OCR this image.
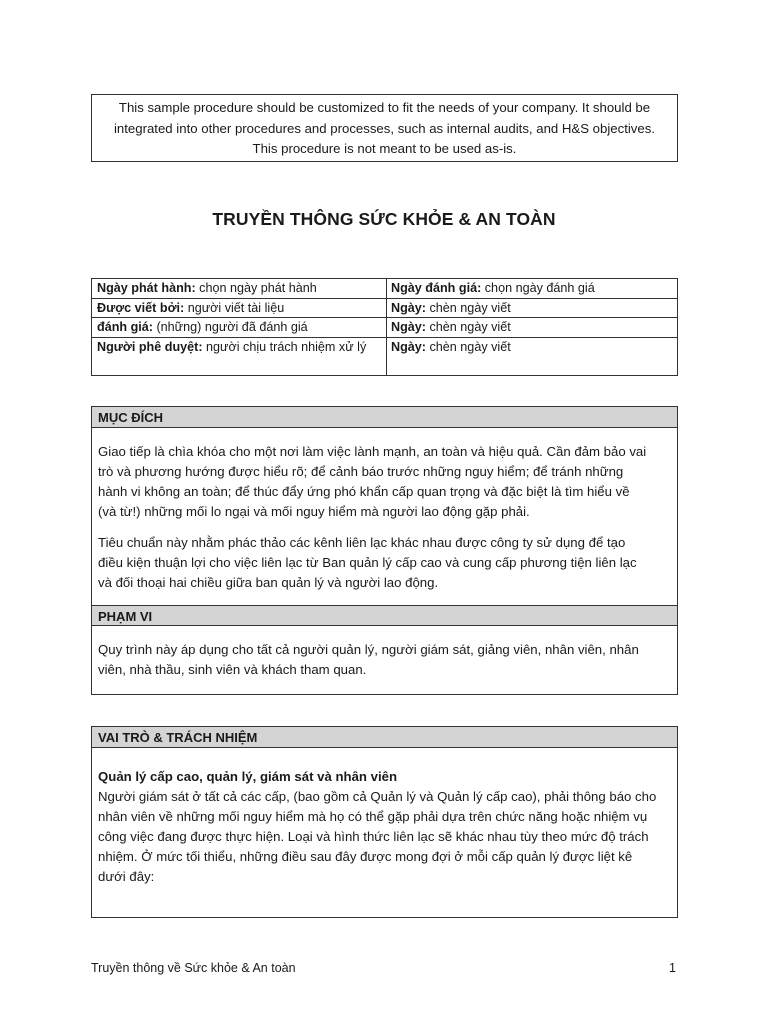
This sample procedure should be customized to fit the needs of your company. It should be
integrated into other procedures and processes, such as internal audits, and H&S objectives.
This procedure is not meant to be used as-is.
TRUYỀN THÔNG SỨC KHỎE & AN TOÀN
Ngày phát hành: chọn ngày phát hành
Được viết bởi: người viết tài liệu
đánh giá: (những) người đã đánh giá
Người phê duyệt: người chịu trách nhiệm xử lý
Ngày đánh giá: chọn ngày đánh giá
Ngày: chèn ngày viết
Ngày: chèn ngày viết
Ngày: chèn ngày viết
MỤC ĐÍCH
Giao tiếp là chìa khóa cho một nơi làm việc lành mạnh, an toàn và hiệu quả. Cần đảm bảo vai
trò và phương hướng được hiểu rõ; để cảnh báo trước những nguy hiểm; để tránh những
hành vi không an toàn; để thúc đẩy ứng phó khẩn cấp quan trọng và đặc biệt là tìm hiểu về
(và từ!) những mối lo ngại và mối nguy hiểm mà người lao động gặp phải.
Tiêu chuẩn này nhằm phác thảo các kênh liên lạc khác nhau được công ty sử dụng để tạo
điều kiện thuận lợi cho việc liên lạc từ Ban quản lý cấp cao và cung cấp phương tiện liên lạc
và đối thoại hai chiều giữa ban quản lý và người lao động.
PHẠM VI
Quy trình này áp dụng cho tất cả người quản lý, người giám sát, giảng viên, nhân viên, nhân
viên, nhà thầu, sinh viên và khách tham quan.
VAI TRÒ & TRÁCH NHIỆM
Quản lý cấp cao, quản lý, giám sát và nhân viên
Người giám sát ở tất cả các cấp, (bao gồm cả Quản lý và Quản lý cấp cao), phải thông báo cho
nhân viên về những mối nguy hiểm mà họ có thể gặp phải dựa trên chức năng hoặc nhiệm vụ
công việc đang được thực hiện. Loại và hình thức liên lạc sẽ khác nhau tùy theo mức độ trách
nhiệm. Ở mức tối thiểu, những điều sau đây được mong đợi ở mỗi cấp quản lý được liệt kê
dưới đây:
Truyền thông về Sức khỏe & An toàn	1
